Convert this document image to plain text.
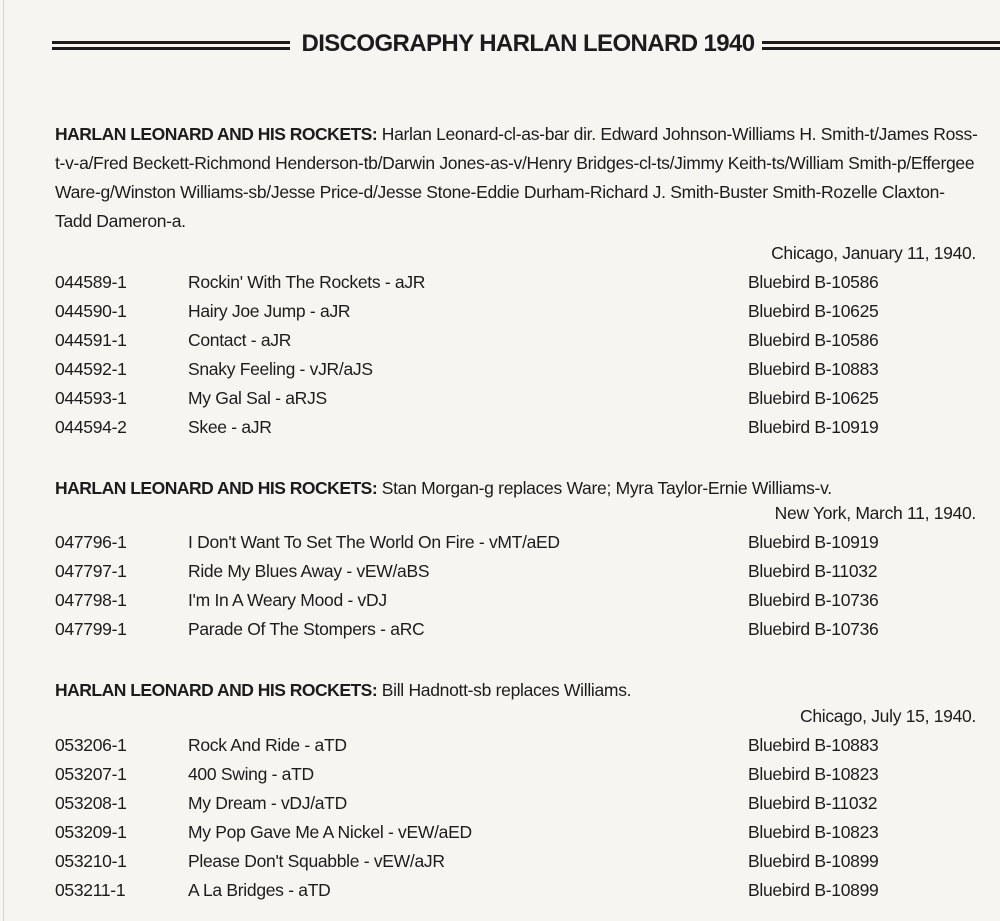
DISCOGRAPHY HARLAN LEONARD 1940
HARLAN LEONARD AND HIS ROCKETS: Harlan Leonard-cl-as-bar dir. Edward Johnson-Williams H. Smith-t/James Ross-t-v-a/Fred Beckett-Richmond Henderson-tb/Darwin Jones-as-v/Henry Bridges-cl-ts/Jimmy Keith-ts/William Smith-p/Effergee Ware-g/Winston Williams-sb/Jesse Price-d/Jesse Stone-Eddie Durham-Richard J. Smith-Buster Smith-Rozelle Claxton-Tadd Dameron-a.
Chicago, January 11, 1940.
044589-1	Rockin' With The Rockets - aJR	Bluebird B-10586
044590-1	Hairy Joe Jump - aJR	Bluebird B-10625
044591-1	Contact - aJR	Bluebird B-10586
044592-1	Snaky Feeling - vJR/aJS	Bluebird B-10883
044593-1	My Gal Sal - aRJS	Bluebird B-10625
044594-2	Skee - aJR	Bluebird B-10919
HARLAN LEONARD AND HIS ROCKETS: Stan Morgan-g replaces Ware; Myra Taylor-Ernie Williams-v.
New York, March 11, 1940.
047796-1	I Don't Want To Set The World On Fire - vMT/aED	Bluebird B-10919
047797-1	Ride My Blues Away - vEW/aBS	Bluebird B-11032
047798-1	I'm In A Weary Mood - vDJ	Bluebird B-10736
047799-1	Parade Of The Stompers - aRC	Bluebird B-10736
HARLAN LEONARD AND HIS ROCKETS: Bill Hadnott-sb replaces Williams.
Chicago, July 15, 1940.
053206-1	Rock And Ride - aTD	Bluebird B-10883
053207-1	400 Swing - aTD	Bluebird B-10823
053208-1	My Dream - vDJ/aTD	Bluebird B-11032
053209-1	My Pop Gave Me A Nickel - vEW/aED	Bluebird B-10823
053210-1	Please Don't Squabble - vEW/aJR	Bluebird B-10899
053211-1	A La Bridges - aTD	Bluebird B-10899
